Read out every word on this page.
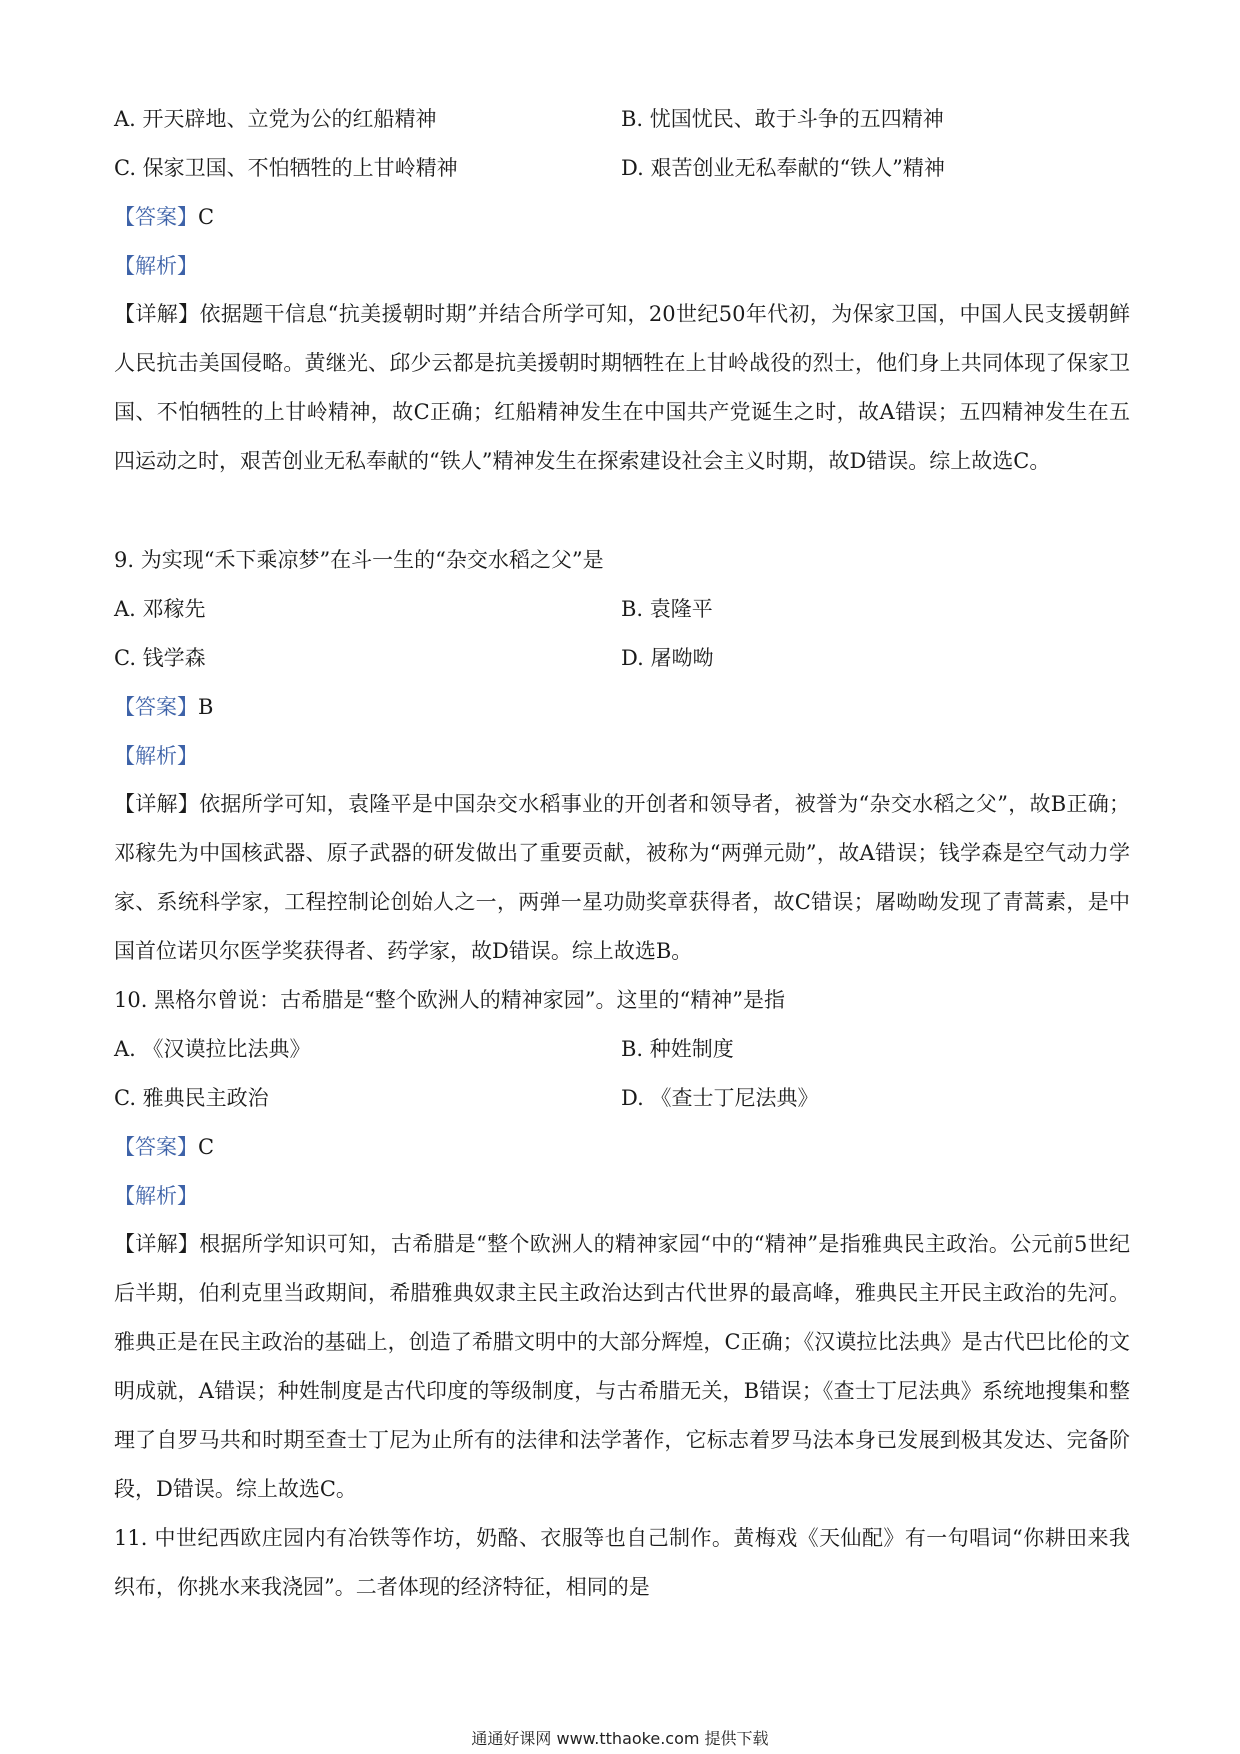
A. 开天辟地、立党为公的红船精神	B. 忧国忧民、敢于斗争的五四精神
C. 保家卫国、不怕牺牲的上甘岭精神	D. 艰苦创业无私奉献的“铁人”精神
【答案】C
【解析】
【详解】依据题干信息“抗美援朝时期”并结合所学可知，20世纪50年代初，为保家卫国，中国人民支援朝鲜人民抗击美国侵略。黄继光、邱少云都是抗美援朝时期牺牲在上甘岭战役的烈士，他们身上共同体现了保家卫国、不怕牺牲的上甘岭精神，故C正确；红船精神发生在中国共产党诞生之时，故A错误；五四精神发生在五四运动之时，艰苦创业无私奉献的“铁人”精神发生在探索建设社会主义时期，故D错误。综上故选C。
9. 为实现“禾下乘凉梦”在斗一生的“杂交水稻之父”是
A. 邓稼先	B. 袁隆平
C. 钱学森	D. 屠呦呦
【答案】B
【解析】
【详解】依据所学可知，袁隆平是中国杂交水稻事业的开创者和领导者，被誉为“杂交水稻之父”，故B正确；邓稼先为中国核武器、原子武器的研发做出了重要贡献，被称为“两弹元勋”，故A错误；钱学森是空气动力学家、系统科学家，工程控制论创始人之一，两弹一星功勋奖章获得者，故C错误；屠呦呦发现了青蒿素，是中国首位诺贝尔医学奖获得者、药学家，故D错误。综上故选B。
10. 黑格尔曾说：古希腊是“整个欧洲人的精神家园”。这里的“精神”是指
A. 《汉谟拉比法典》	B. 种姓制度
C. 雅典民主政治	D. 《查士丁尼法典》
【答案】C
【解析】
【详解】根据所学知识可知，古希腊是“整个欧洲人的精神家园“中的“精神”是指雅典民主政治。公元前5世纪后半期，伯利克里当政期间，希腊雅典奴隶主民主政治达到古代世界的最高峰，雅典民主开民主政治的先河。雅典正是在民主政治的基础上，创造了希腊文明中的大部分辉煌，C正确；《汉谟拉比法典》是古代巴比伦的文明成就，A错误；种姓制度是古代印度的等级制度，与古希腊无关，B错误；《查士丁尼法典》系统地搜集和整理了自罗马共和时期至查士丁尼为止所有的法律和法学著作，它标志着罗马法本身已发展到极其发达、完备阶段，D错误。综上故选C。
11. 中世纪西欧庄园内有冶铁等作坊，奶酪、衣服等也自己制作。黄梅戏《天仙配》有一句唱词“你耕田来我织布，你挑水来我浇园”。二者体现的经济特征，相同的是
通通好课网 www.tthaoke.com 提供下载
